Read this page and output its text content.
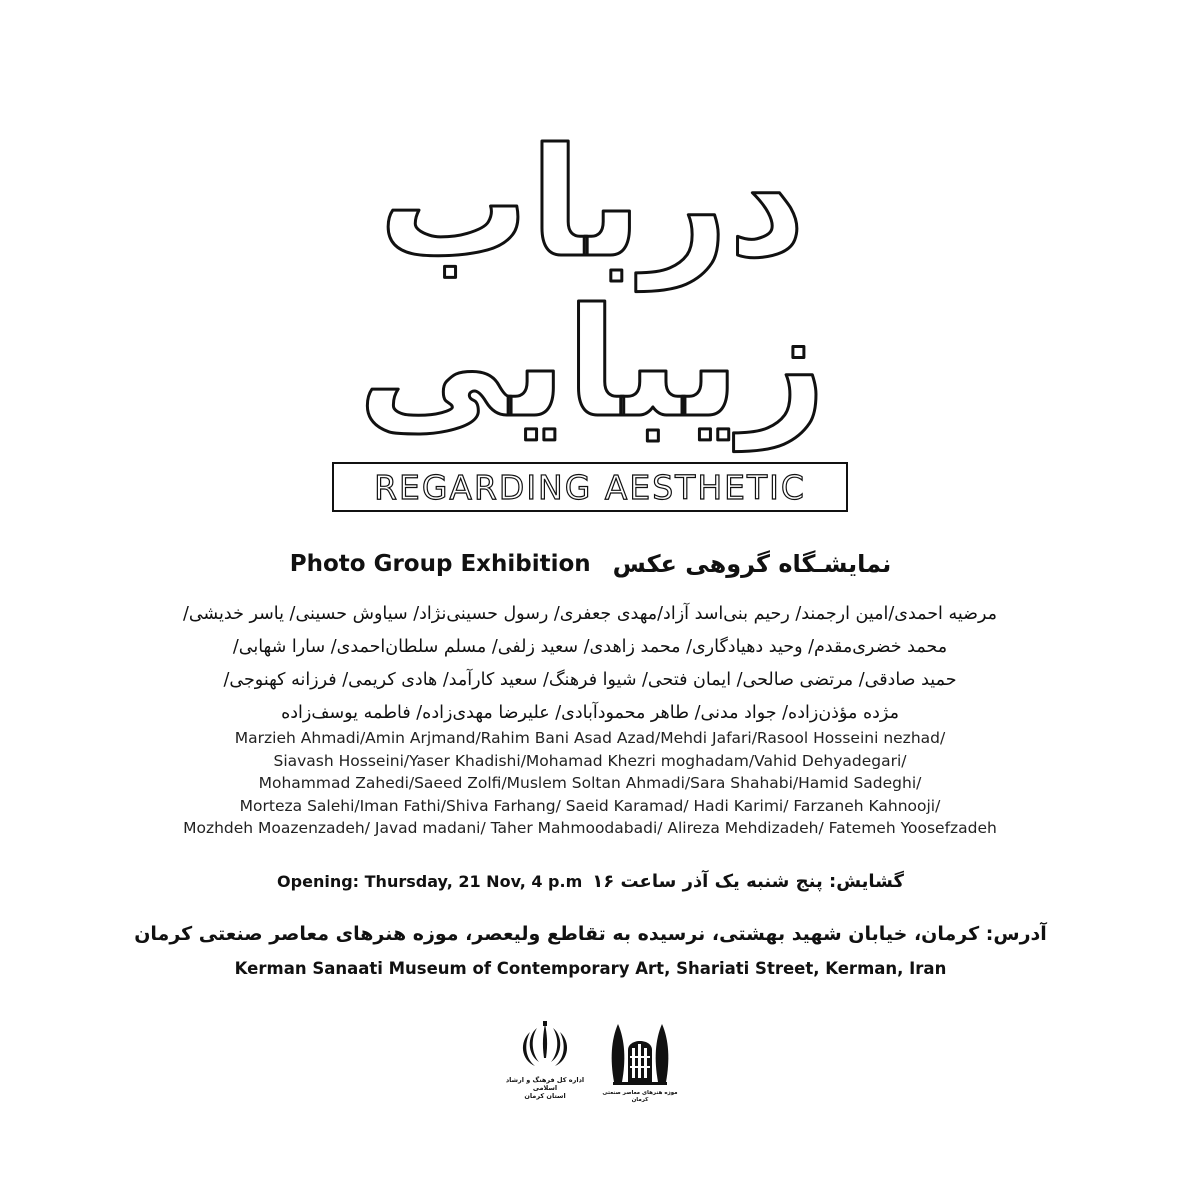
درباب
زیبایی
REGARDING AESTHETIC
Photo Group Exhibition نمایشـگاه گروهی عکس
مرضیه احمدی/امین ارجمند/ رحیم بنی‌اسد آزاد/مهدی جعفری/ رسول حسینی‌نژاد/ سیاوش حسینی/ یاسر خدیشی/
محمد خضری‌مقدم/ وحید دهیادگاری/ محمد زاهدی/ سعید زلفی/ مسلم سلطان‌احمدی/ سارا شهابی/
حمید صادقی/ مرتضی صالحی/ ایمان فتحی/ شیوا فرهنگ/ سعید کارآمد/ هادی کریمی/ فرزانه کهنوجی/
مژده مؤذن‌زاده/ جواد مدنی/ طاهر محمودآبادی/ علیرضا مهدی‌زاده/ فاطمه یوسف‌زاده
Marzieh Ahmadi/Amin Arjmand/Rahim Bani Asad Azad/Mehdi Jafari/Rasool Hosseini nezhad/
Siavash Hosseini/Yaser Khadishi/Mohamad Khezri moghadam/Vahid Dehyadegari/
Mohammad Zahedi/Saeed Zolfi/Muslem Soltan Ahmadi/Sara Shahabi/Hamid Sadeghi/
Morteza Salehi/Iman Fathi/Shiva Farhang/ Saeid Karamad/ Hadi Karimi/ Farzaneh Kahnooji/
Mozhdeh Moazenzadeh/ Javad madani/ Taher Mahmoodabadi/ Alireza Mehdizadeh/ Fatemeh Yoosefzadeh
Opening: Thursday, 21 Nov, 4 p.m گشایش: پنج شنبه یک آذر ساعت ۱۶
آدرس: کرمان، خیابان شهید بهشتی، نرسیده به تقاطع ولیعصر، موزه هنرهای معاصر صنعتی کرمان
Kerman Sanaati Museum of Contemporary Art, Shariati Street, Kerman, Iran
اداره کل فرهنگ و ارشاد اسلامی
استان کرمان	موزه هنرهای معاصر صنعتی کرمان
